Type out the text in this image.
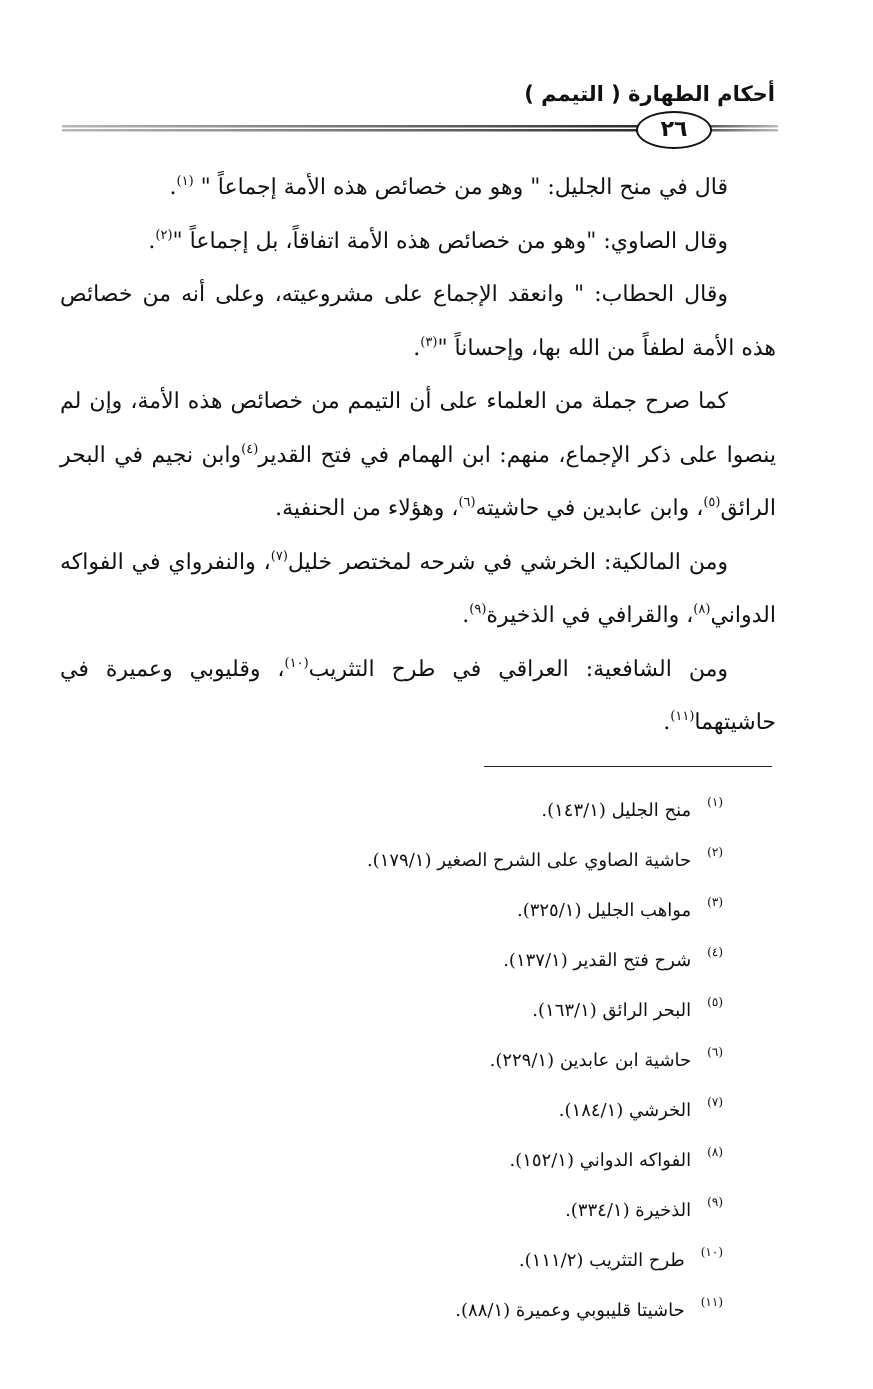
أحكام الطهارة ( التيمم )
٢٦

قال في منح الجليل: " وهو من خصائص هذه الأمة إجماعاً " $^{(١)}$.

وقال الصاوي: "وهو من خصائص هذه الأمة اتفاقاً، بل إجماعاً "$^{(٢)}$.

وقال الحطاب: " وانعقد الإجماع على مشروعيته، وعلى أنه من خصائص هذه الأمة لطفاً من الله بها، وإحساناً "$^{(٣)}$.

كما صرح جملة من العلماء على أن التيمم من خصائص هذه الأمة، وإن لم ينصوا على ذكر الإجماع، منهم: ابن الهمام في فتح القدير$^{(٤)}$وابن نجيم في البحر الرائق$^{(٥)}$، وابن عابدين في حاشيته$^{(٦)}$، وهؤلاء من الحنفية.

ومن المالكية: الخرشي في شرحه لمختصر خليل$^{(٧)}$، والنفرواي في الفواكه الدواني$^{(٨)}$، والقرافي في الذخيرة$^{(٩)}$.

ومن الشافعية: العراقي في طرح التثريب$^{(١٠)}$، وقليوبي وعميرة في حاشيتهما$^{(١١)}$.

(١)منح الجليل (١٤٣/١).
(٢)حاشية الصاوي على الشرح الصغير (١٧٩/١).
(٣)مواهب الجليل (٣٢٥/١).
(٤)شرح فتح القدير (١٣٧/١).
(٥)البحر الرائق (١٦٣/١).
(٦)حاشية ابن عابدين (٢٢٩/١).
(٧)الخرشي (١٨٤/١).
(٨)الفواكه الدواني (١٥٢/١).
(٩)الذخيرة (٣٣٤/١).
(١٠)طرح التثريب (١١١/٢).
(١١)حاشيتا قليبوبي وعميرة (٨٨/١).
